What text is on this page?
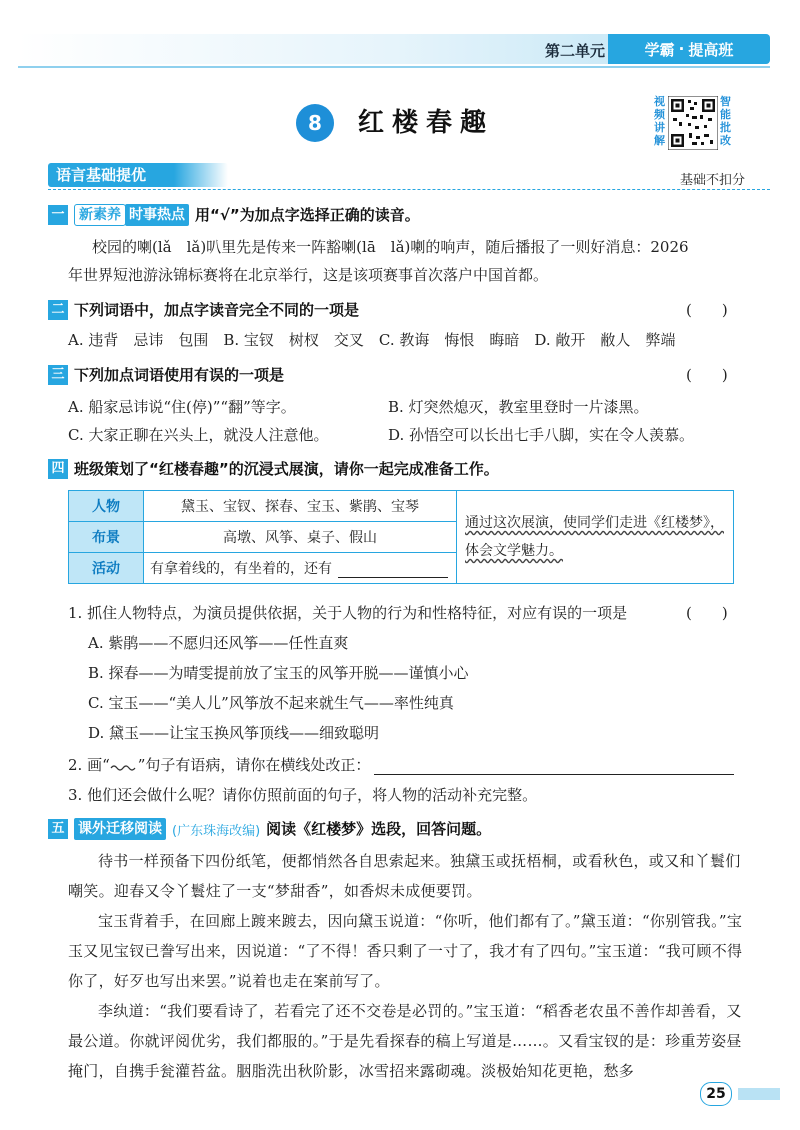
第二单元	学霸 · 提高班
8	红楼春趣
视频讲解
智能批改
语言基础提优	基础不扣分
一	新素养 时事热点 用“√”为加点字选择正确的读音。
校园的喇(lǎ　lǎ)叭里先是传来一阵豁喇(lā　lǎ)喇的响声，随后播报了一则好消息：2026
年世界短池游泳锦标赛将在北京举行，这是该项赛事首次落户中国首都。
二 下列词语中，加点字读音完全不同的一项是	(　　)
A. 违背　忌讳　包围　B. 宝钗　树杈　交叉　C. 教诲　悔恨　晦暗　D. 敞开　敝人　弊端
三 下列加点词语使用有误的一项是	(　　)
A. 船家忌讳说“住(停)”“翻”等字。	B. 灯突然熄灭，教室里登时一片漆黑。
C. 大家正聊在兴头上，就没人注意他。	D. 孙悟空可以长出七手八脚，实在令人羡慕。
四 班级策划了“红楼春趣”的沉浸式展演，请你一起完成准备工作。
人物	黛玉、宝钗、探春、宝玉、紫鹃、宝琴	通过这次展演，使同学们走进《红楼梦》，体会文学魅力。
布景	高墩、风筝、桌子、假山	
活动	有拿着线的，有坐着的，还有	
1. 抓住人物特点，为演员提供依据，关于人物的行为和性格特征，对应有误的一项是	(　　)
A. 紫鹃——不愿归还风筝——任性直爽
B. 探春——为晴雯提前放了宝玉的风筝开脱——谨慎小心
C. 宝玉——“美人儿”风筝放不起来就生气——率性纯真
D. 黛玉——让宝玉换风筝顶线——细致聪明
2. 画“ ”句子有语病，请你在横线处改正：
3. 他们还会做什么呢？请你仿照前面的句子，将人物的活动补充完整。
五 课外迁移阅读 (广东珠海改编) 阅读《红楼梦》选段，回答问题。
待书一样预备下四份纸笔，便都悄然各自思索起来。独黛玉或抚梧桐，或看秋色，或又和丫鬟们嘲笑。迎春又令丫鬟炷了一支“梦甜香”，如香烬未成便要罚。
宝玉背着手，在回廊上踱来踱去，因向黛玉说道：“你听，他们都有了。”黛玉道：“你别管我。”宝玉又见宝钗已誊写出来，因说道：“了不得！香只剩了一寸了，我才有了四句。”宝玉道：“我可顾不得你了，好歹也写出来罢。”说着也走在案前写了。
李纨道：“我们要看诗了，若看完了还不交卷是必罚的。”宝玉道：“稻香老农虽不善作却善看，又最公道。你就评阅优劣，我们都服的。”于是先看探春的稿上写道是……。又看宝钗的是：珍重芳姿昼掩门，自携手瓮灌苔盆。胭脂洗出秋阶影，冰雪招来露砌魂。淡极始知花更艳，愁多
25
